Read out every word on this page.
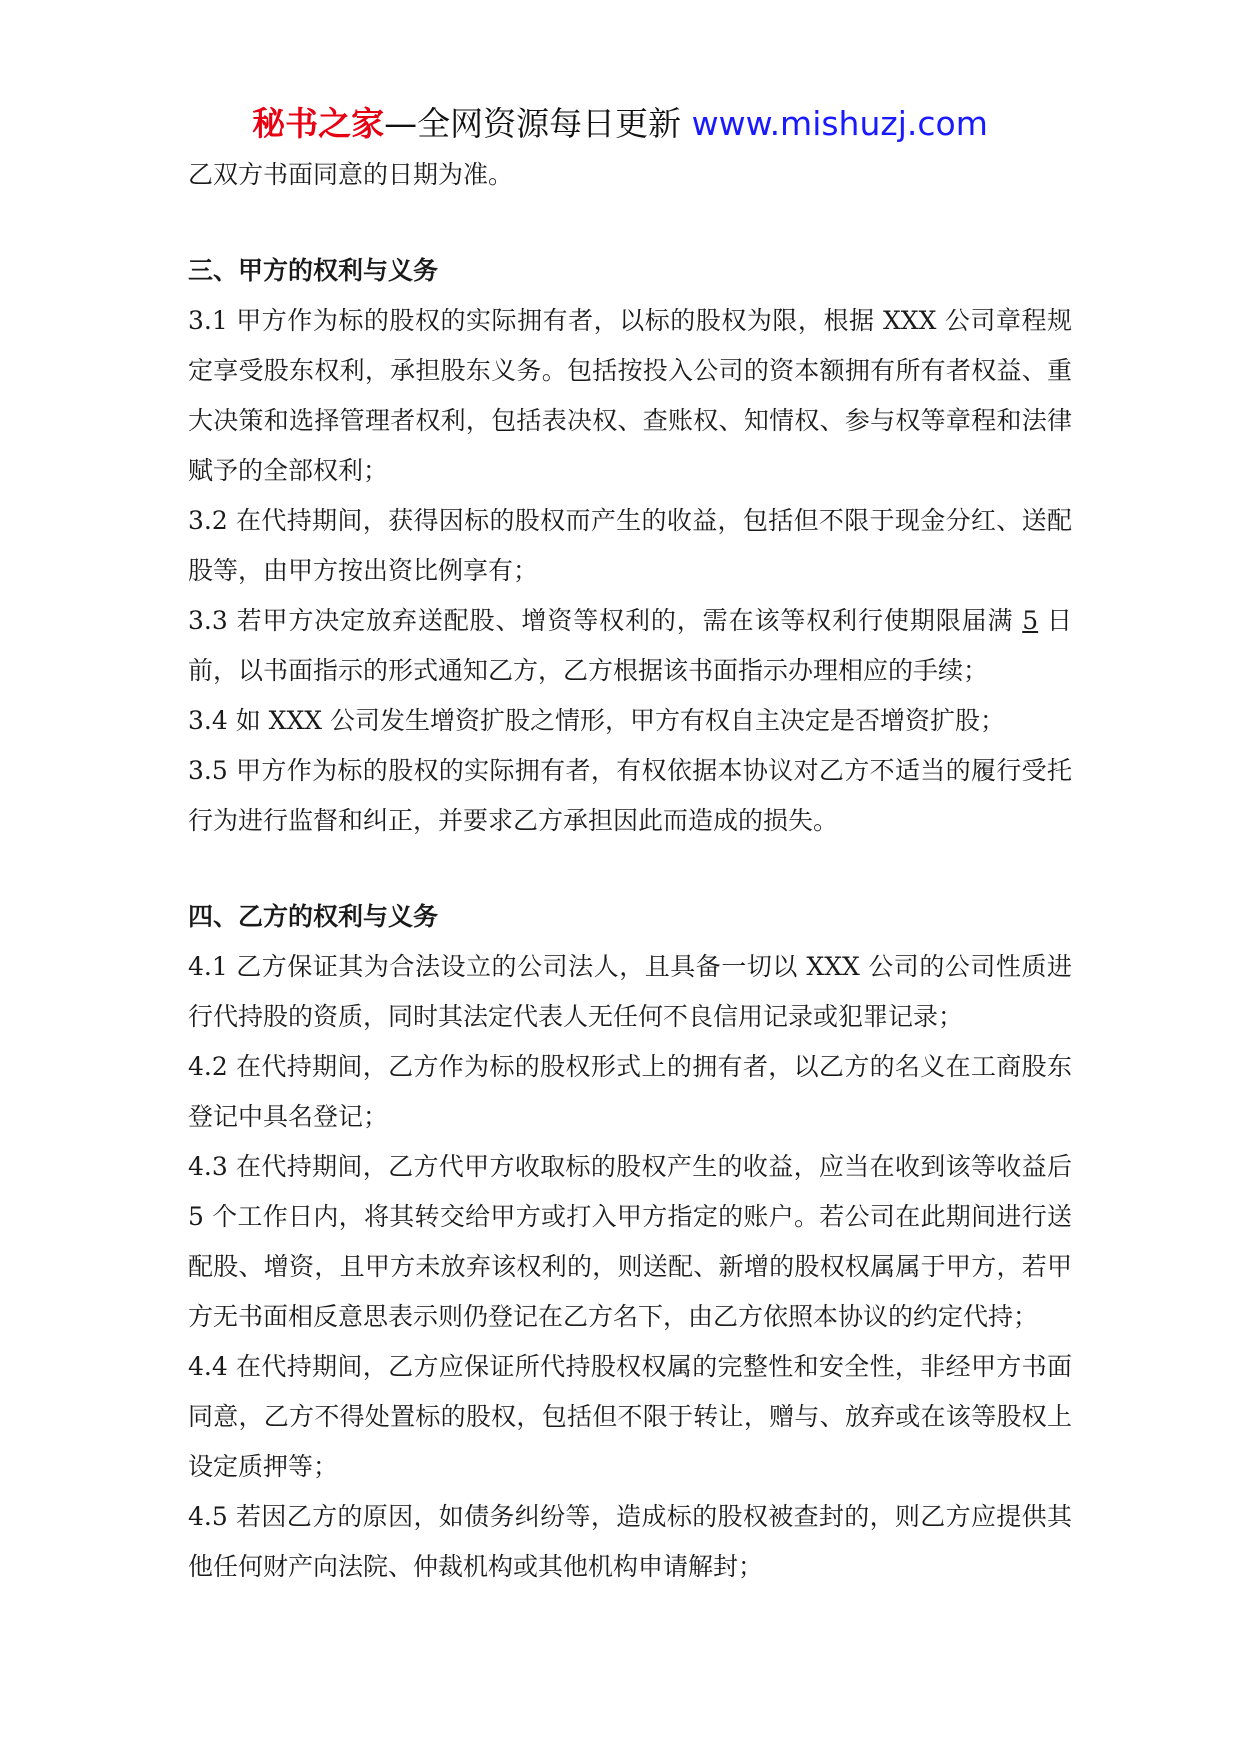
秘书之家—全网资源每日更新 www.mishuzj.com

乙双方书面同意的日期为准。

三、甲方的权利与义务

3.1 甲方作为标的股权的实际拥有者，以标的股权为限，根据 XXX 公司章程规定享受股东权利，承担股东义务。包括按投入公司的资本额拥有所有者权益、重大决策和选择管理者权利，包括表决权、查账权、知情权、参与权等章程和法律赋予的全部权利；

3.2 在代持期间，获得因标的股权而产生的收益，包括但不限于现金分红、送配股等，由甲方按出资比例享有；

3.3 若甲方决定放弃送配股、增资等权利的，需在该等权利行使期限届满 5 日前，以书面指示的形式通知乙方，乙方根据该书面指示办理相应的手续；

3.4 如 XXX 公司发生增资扩股之情形，甲方有权自主决定是否增资扩股；

3.5 甲方作为标的股权的实际拥有者，有权依据本协议对乙方不适当的履行受托行为进行监督和纠正，并要求乙方承担因此而造成的损失。

四、乙方的权利与义务

4.1 乙方保证其为合法设立的公司法人，且具备一切以 XXX 公司的公司性质进行代持股的资质，同时其法定代表人无任何不良信用记录或犯罪记录；

4.2 在代持期间，乙方作为标的股权形式上的拥有者，以乙方的名义在工商股东登记中具名登记；

4.3 在代持期间，乙方代甲方收取标的股权产生的收益，应当在收到该等收益后 5 个工作日内，将其转交给甲方或打入甲方指定的账户。若公司在此期间进行送配股、增资，且甲方未放弃该权利的，则送配、新增的股权权属属于甲方，若甲方无书面相反意思表示则仍登记在乙方名下，由乙方依照本协议的约定代持；

4.4 在代持期间，乙方应保证所代持股权权属的完整性和安全性，非经甲方书面同意，乙方不得处置标的股权，包括但不限于转让，赠与、放弃或在该等股权上设定质押等；

4.5 若因乙方的原因，如债务纠纷等，造成标的股权被查封的，则乙方应提供其他任何财产向法院、仲裁机构或其他机构申请解封；
